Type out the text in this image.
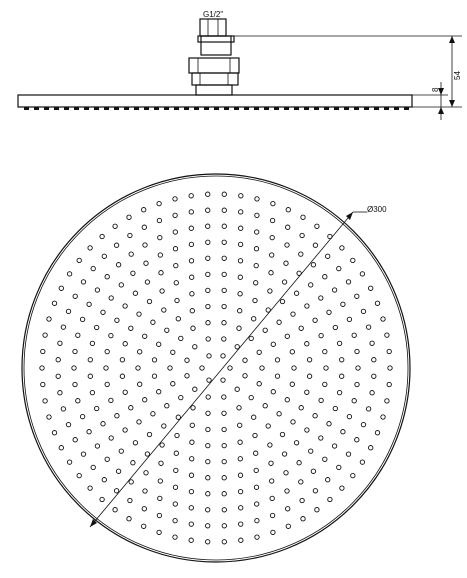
G1/2"
54
8
Ø300
